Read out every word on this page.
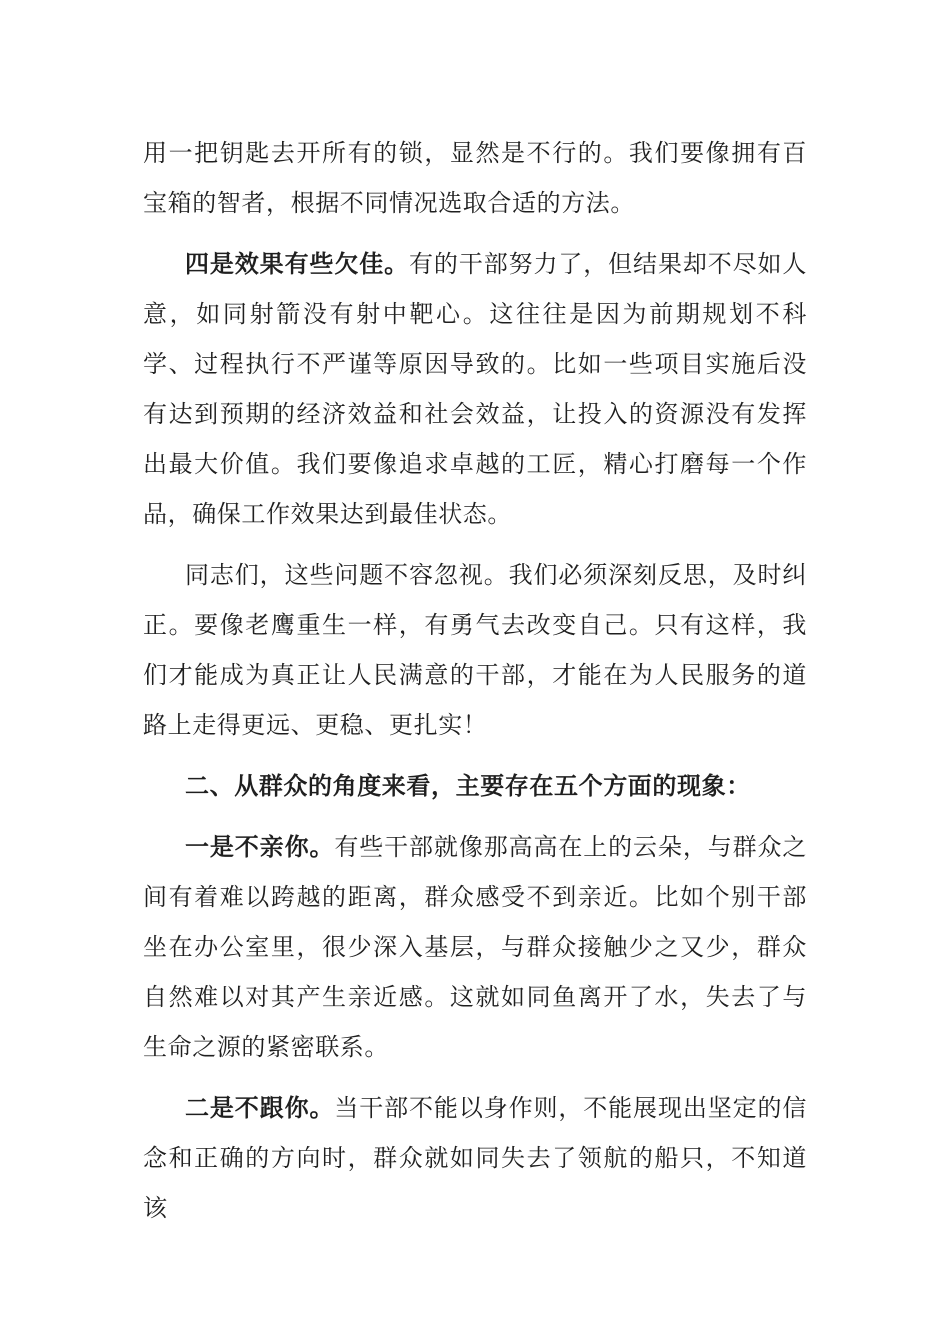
用一把钥匙去开所有的锁，显然是不行的。我们要像拥有百宝箱的智者，根据不同情况选取合适的方法。

四是效果有些欠佳。有的干部努力了，但结果却不尽如人意，如同射箭没有射中靶心。这往往是因为前期规划不科学、过程执行不严谨等原因导致的。比如一些项目实施后没有达到预期的经济效益和社会效益，让投入的资源没有发挥出最大价值。我们要像追求卓越的工匠，精心打磨每一个作品，确保工作效果达到最佳状态。

同志们，这些问题不容忽视。我们必须深刻反思，及时纠正。要像老鹰重生一样，有勇气去改变自己。只有这样，我们才能成为真正让人民满意的干部，才能在为人民服务的道路上走得更远、更稳、更扎实！

二、从群众的角度来看，主要存在五个方面的现象：

一是不亲你。有些干部就像那高高在上的云朵，与群众之间有着难以跨越的距离，群众感受不到亲近。比如个别干部坐在办公室里，很少深入基层，与群众接触少之又少，群众自然难以对其产生亲近感。这就如同鱼离开了水，失去了与生命之源的紧密联系。

二是不跟你。当干部不能以身作则，不能展现出坚定的信念和正确的方向时，群众就如同失去了领航的船只，不知道该
